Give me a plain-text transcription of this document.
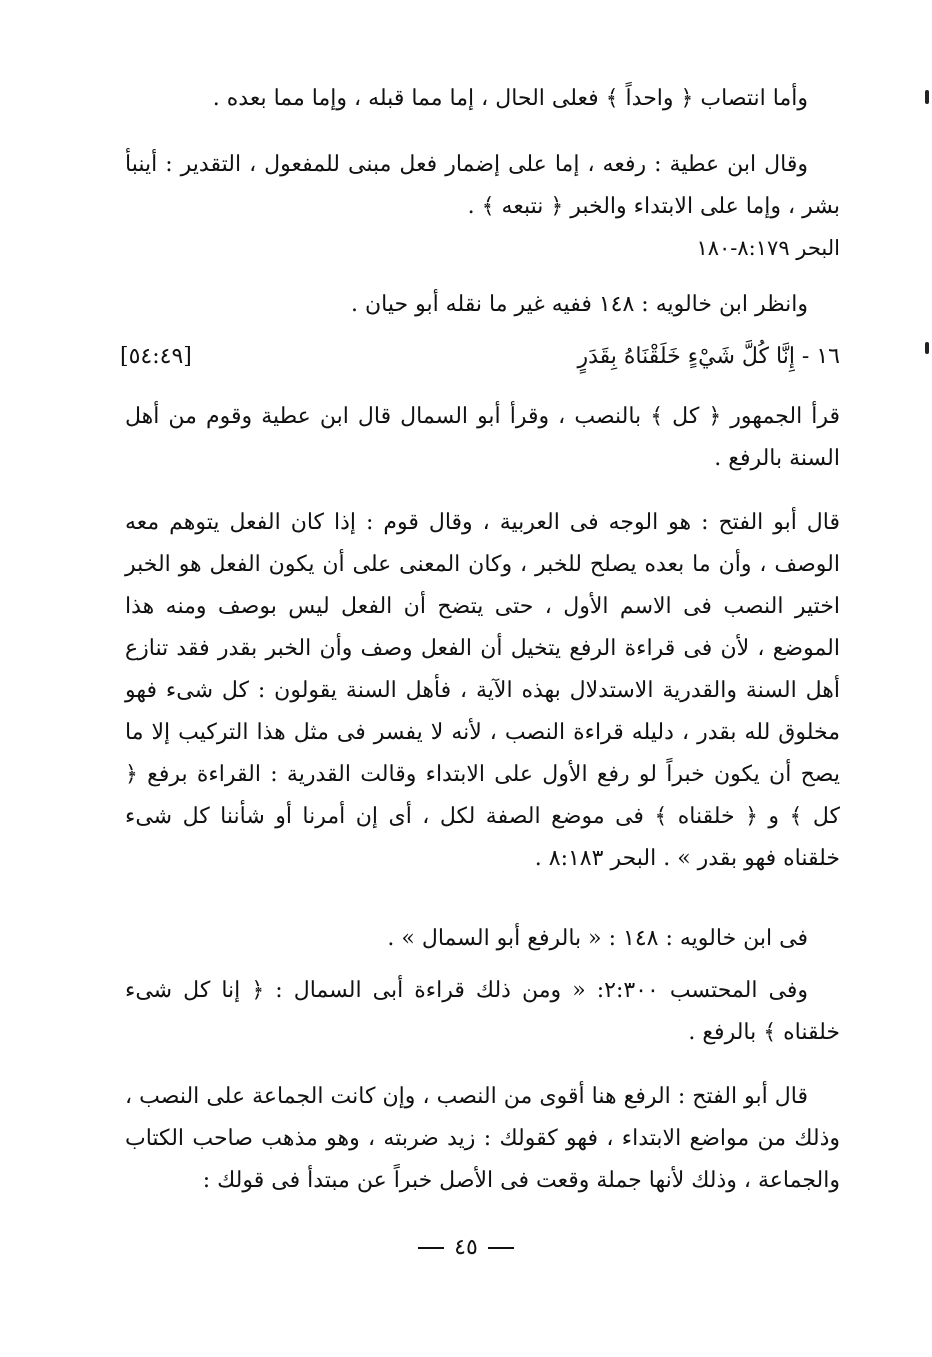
وأما انتصاب ﴿ واحداً ﴾ فعلى الحال ، إما مما قبله ، وإما مما بعده .
وقال ابن عطية : رفعه ، إما على إضمار فعل مبنى للمفعول ، التقدير : أينبأ بشر ، وإما على الابتداء والخبر ﴿ نتبعه ﴾ .
البحر ٨:١٧٩-١٨٠
وانظر ابن خالويه : ١٤٨ ففيه غير ما نقله أبو حيان .
١٦ - إِنَّا كُلَّ شَيْءٍ خَلَقْنَاهُ بِقَدَرٍ
[٥٤:٤٩]
قرأ الجمهور ﴿ كل ﴾ بالنصب ، وقرأ أبو السمال قال ابن عطية وقوم من أهل السنة بالرفع .
قال أبو الفتح : هو الوجه فى العربية ، وقال قوم : إذا كان الفعل يتوهم معه الوصف ، وأن ما بعده يصلح للخبر ، وكان المعنى على أن يكون الفعل هو الخبر اختير النصب فى الاسم الأول ، حتى يتضح أن الفعل ليس بوصف ومنه هذا الموضع ، لأن فى قراءة الرفع يتخيل أن الفعل وصف وأن الخبر بقدر فقد تنازع أهل السنة والقدرية الاستدلال بهذه الآية ، فأهل السنة يقولون : كل شىء فهو مخلوق لله بقدر ، دليله قراءة النصب ، لأنه لا يفسر فى مثل هذا التركيب إلا ما يصح أن يكون خبراً لو رفع الأول على الابتداء وقالت القدرية : القراءة برفع ﴿ كل ﴾ و ﴿ خلقناه ﴾ فى موضع الصفة لكل ، أى إن أمرنا أو شأننا كل شىء خلقناه فهو بقدر » . البحر ٨:١٨٣ .
فى ابن خالويه : ١٤٨ : « بالرفع أبو السمال » .
وفى المحتسب ٢:٣٠٠: « ومن ذلك قراءة أبى السمال : ﴿ إنا كل شىء خلقناه ﴾ بالرفع .
قال أبو الفتح : الرفع هنا أقوى من النصب ، وإن كانت الجماعة على النصب ، وذلك من مواضع الابتداء ، فهو كقولك : زيد ضربته ، وهو مذهب صاحب الكتاب والجماعة ، وذلك لأنها جملة وقعت فى الأصل خبراً عن مبتدأ فى قولك :
٤٥
